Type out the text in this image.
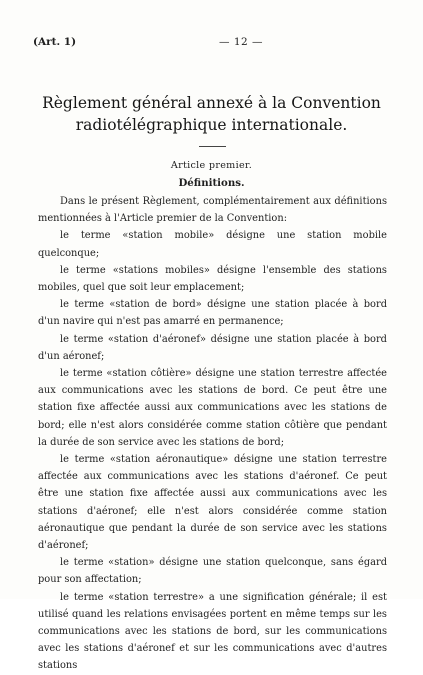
(Art. 1)	— 12 —
Règlement général annexé à la Convention
radiotélégraphique internationale.
Article premier.
Définitions.

Dans le présent Règlement, complémentairement aux définitions mentionnées à l'Article premier de la Convention:

le terme «station mobile» désigne une station mobile quelconque;

le terme «stations mobiles» désigne l'ensemble des stations mobiles, quel que soit leur emplacement;

le terme «station de bord» désigne une station placée à bord d'un navire qui n'est pas amarré en permanence;

le terme «station d'aéronef» désigne une station placée à bord d'un aéronef;

le terme «station côtière» désigne une station terrestre affectée aux communications avec les stations de bord. Ce peut être une station fixe affectée aussi aux communications avec les stations de bord; elle n'est alors considérée comme station côtière que pendant la durée de son service avec les stations de bord;

le terme «station aéronautique» désigne une station terrestre affectée aux communications avec les stations d'aéronef. Ce peut être une station fixe affectée aussi aux communications avec les stations d'aéronef; elle n'est alors considérée comme station aéronautique que pendant la durée de son service avec les stations d'aéronef;

le terme «station» désigne une station quelconque, sans égard pour son affectation;

le terme «station terrestre» a une signification générale; il est utilisé quand les relations envisagées portent en même temps sur les communications avec les stations de bord, sur les communications avec les stations d'aéronef et sur les communications avec d'autres stations
